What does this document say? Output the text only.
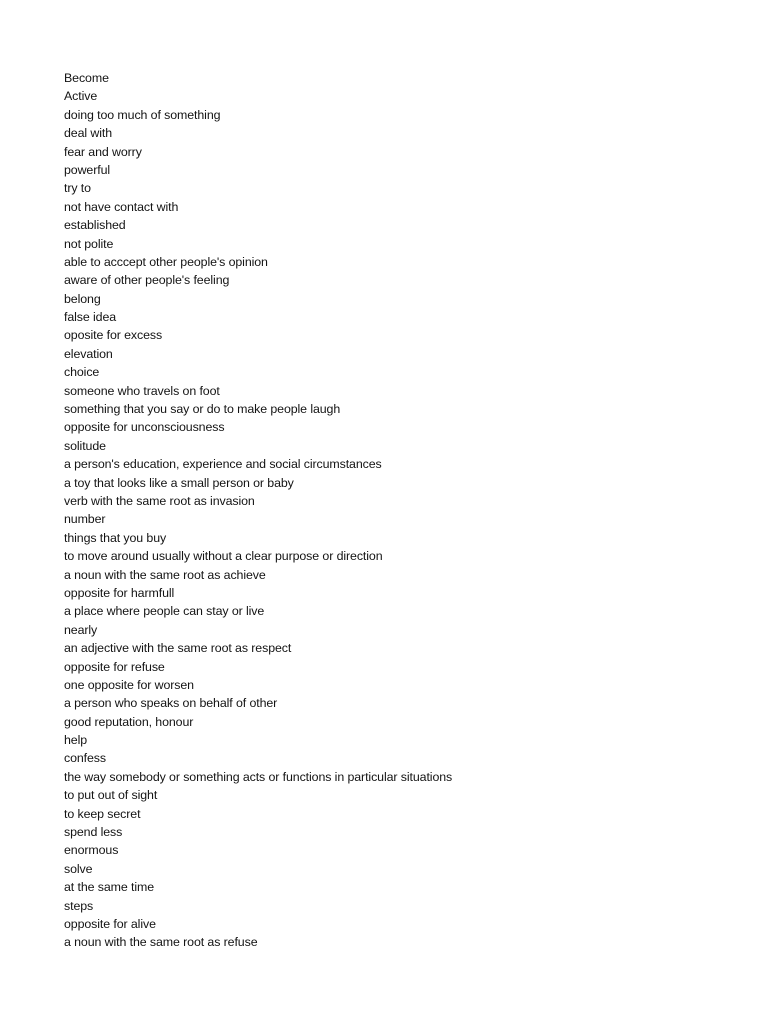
Become
Active
doing too much of something
deal with
fear and worry
powerful
try to
not have contact with
established
not polite
able to acccept other people's opinion
aware of other people's feeling
belong
false idea
oposite for excess
elevation
choice
someone who travels on foot
something that you say or do to make people laugh
opposite for unconsciousness
solitude
a person's education, experience and social circumstances
a toy that looks like a small person or baby
verb with the same root as invasion
number
things that you buy
to move around usually without a clear purpose or direction
a noun with the same root as achieve
opposite for harmfull
a place where people can stay or live
nearly
an adjective with the same root as respect
opposite for refuse
one opposite for worsen
a person who speaks on behalf of other
good reputation, honour
help
confess
the way somebody or something acts or functions in particular situations
to put out of sight
to keep secret
spend less
enormous
solve
at the same time
steps
opposite for alive
a noun with the same root as refuse
